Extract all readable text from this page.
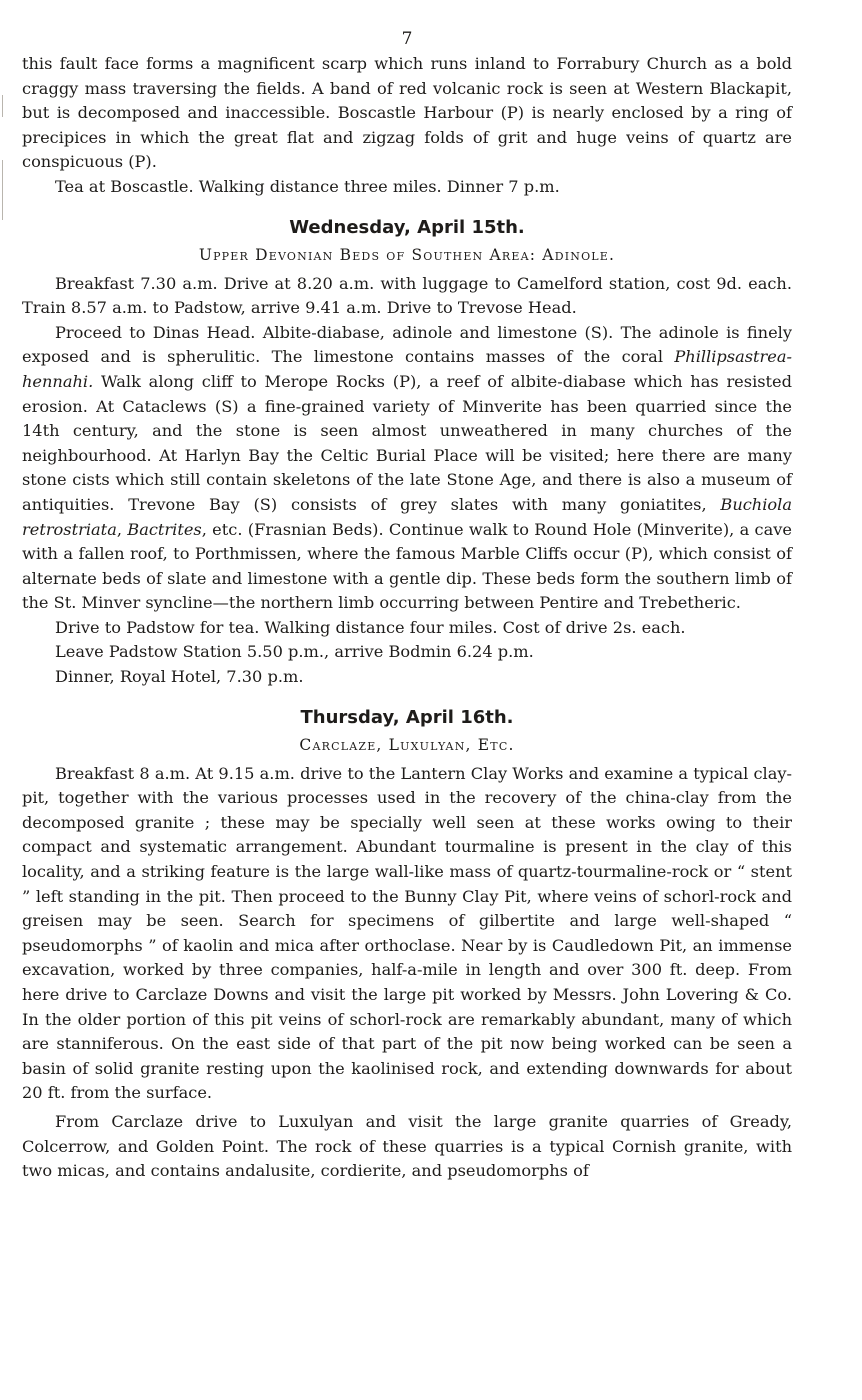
7

this fault face forms a magnificent scarp which runs inland to Forrabury Church as a bold craggy mass traversing the fields. A band of red volcanic rock is seen at Western Blackapit, but is decomposed and inaccessible. Boscastle Harbour (P) is nearly enclosed by a ring of precipices in which the great flat and zigzag folds of grit and huge veins of quartz are conspicuous (P).

Tea at Boscastle. Walking distance three miles. Dinner 7 p.m.

Wednesday, April 15th.
Upper Devonian Beds of Southen Area: Adinole.

Breakfast 7.30 a.m. Drive at 8.20 a.m. with luggage to Camelford station, cost 9d. each. Train 8.57 a.m. to Padstow, arrive 9.41 a.m. Drive to Trevose Head.

Proceed to Dinas Head. Albite-diabase, adinole and limestone (S). The adinole is finely exposed and is spherulitic. The limestone contains masses of the coral Phillipsastrea-hennahi. Walk along cliff to Merope Rocks (P), a reef of albite-diabase which has resisted erosion. At Cataclews (S) a fine-grained variety of Minverite has been quarried since the 14th century, and the stone is seen almost unweathered in many churches of the neighbourhood. At Harlyn Bay the Celtic Burial Place will be visited; here there are many stone cists which still contain skeletons of the late Stone Age, and there is also a museum of antiquities. Trevone Bay (S) consists of grey slates with many goniatites, Buchiola retrostriata, Bactrites, etc. (Frasnian Beds). Continue walk to Round Hole (Minverite), a cave with a fallen roof, to Porthmissen, where the famous Marble Cliffs occur (P), which consist of alternate beds of slate and limestone with a gentle dip. These beds form the southern limb of the St. Minver syncline—the northern limb occurring between Pentire and Trebetheric.

Drive to Padstow for tea. Walking distance four miles. Cost of drive 2s. each.

Leave Padstow Station 5.50 p.m., arrive Bodmin 6.24 p.m.

Dinner, Royal Hotel, 7.30 p.m.

Thursday, April 16th.
Carclaze, Luxulyan, Etc.

Breakfast 8 a.m. At 9.15 a.m. drive to the Lantern Clay Works and examine a typical clay-pit, together with the various processes used in the recovery of the china-clay from the decomposed granite ; these may be specially well seen at these works owing to their compact and systematic arrangement. Abundant tourmaline is present in the clay of this locality, and a striking feature is the large wall-like mass of quartz-tourmaline-rock or “ stent ” left standing in the pit. Then proceed to the Bunny Clay Pit, where veins of schorl-rock and greisen may be seen. Search for specimens of gilbertite and large well-shaped “ pseudomorphs ” of kaolin and mica after orthoclase. Near by is Caudledown Pit, an immense excavation, worked by three companies, half-a-mile in length and over 300 ft. deep. From here drive to Carclaze Downs and visit the large pit worked by Messrs. John Lovering & Co. In the older portion of this pit veins of schorl-rock are remarkably abundant, many of which are stanniferous. On the east side of that part of the pit now being worked can be seen a basin of solid granite resting upon the kaolinised rock, and extending downwards for about 20 ft. from the surface.

From Carclaze drive to Luxulyan and visit the large granite quarries of Gready, Colcerrow, and Golden Point. The rock of these quarries is a typical Cornish granite, with two micas, and contains andalusite, cordierite, and pseudomorphs of
